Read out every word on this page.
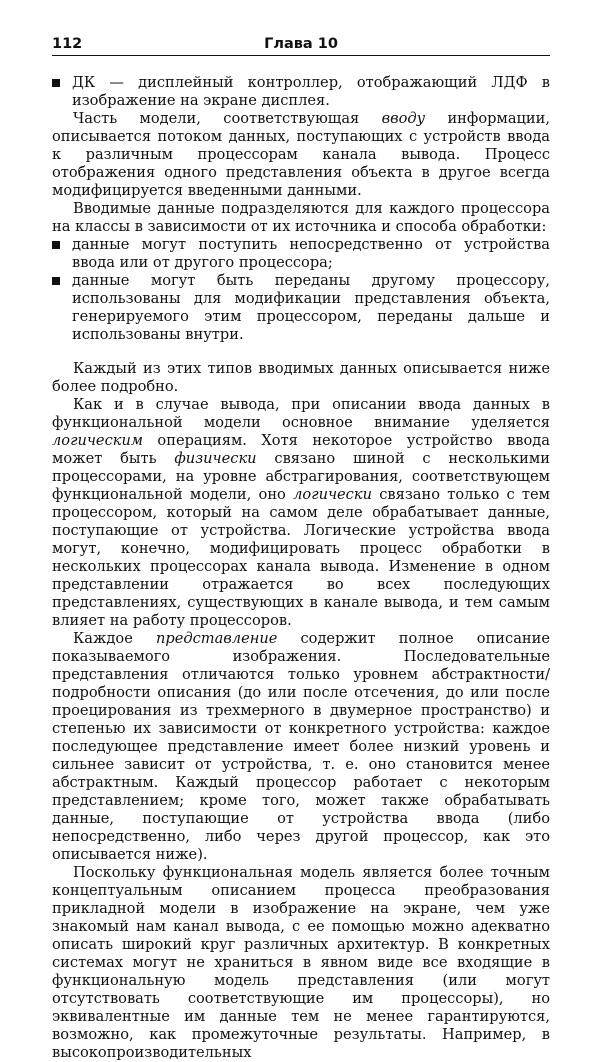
112	Глава 10

ДК — дисплейный контроллер, отображающий ЛДФ в изображение на экране дисплея.

Часть модели, соответствующая вводу информации, описывается потоком данных, поступающих с устройств ввода к различным процессорам канала вывода. Процесс отображения одного представления объекта в другое всегда модифицируется введенными данными.

Вводимые данные подразделяются для каждого процессора на классы в зависимости от их источника и способа обработки:

данные могут поступить непосредственно от устройства ввода или от другого процессора;

данные могут быть переданы другому процессору, использованы для модификации представления объекта, генерируемого этим процессором, переданы дальше и использованы внутри.

Каждый из этих типов вводимых данных описывается ниже более подробно.

Как и в случае вывода, при описании ввода данных в функциональной модели основное внимание уделяется логическим операциям. Хотя некоторое устройство ввода может быть физически связано шиной с несколькими процессорами, на уровне абстрагирования, соответствующем функциональной модели, оно логически связано только с тем процессором, который на самом деле обрабатывает данные, поступающие от устройства. Логические устройства ввода могут, конечно, модифицировать процесс обработки в нескольких процессорах канала вывода. Изменение в одном представлении отражается во всех последующих представлениях, существующих в канале вывода, и тем самым влияет на работу процессоров.

Каждое представление содержит полное описание показываемого изображения. Последовательные представления отличаются только уровнем абстрактности/подробности описания (до или после отсечения, до или после проецирования из трехмерного в двумерное пространство) и степенью их зависимости от конкретного устройства: каждое последующее представление имеет более низкий уровень и сильнее зависит от устройства, т. е. оно становится менее абстрактным. Каждый процессор работает с некоторым представлением; кроме того, может также обрабатывать данные, поступающие от устройства ввода (либо непосредственно, либо через другой процессор, как это описывается ниже).

Поскольку функциональная модель является более точным концептуальным описанием процесса преобразования прикладной модели в изображение на экране, чем уже знакомый нам канал вывода, с ее помощью можно адекватно описать широкий круг различных архитектур. В конкретных системах могут не храниться в явном виде все входящие в функциональную модель представления (или могут отсутствовать соответствующие им процессоры), но эквивалентные им данные тем не менее гарантируются, возможно, как промежуточные результаты. Например, в высокопроизводительных
